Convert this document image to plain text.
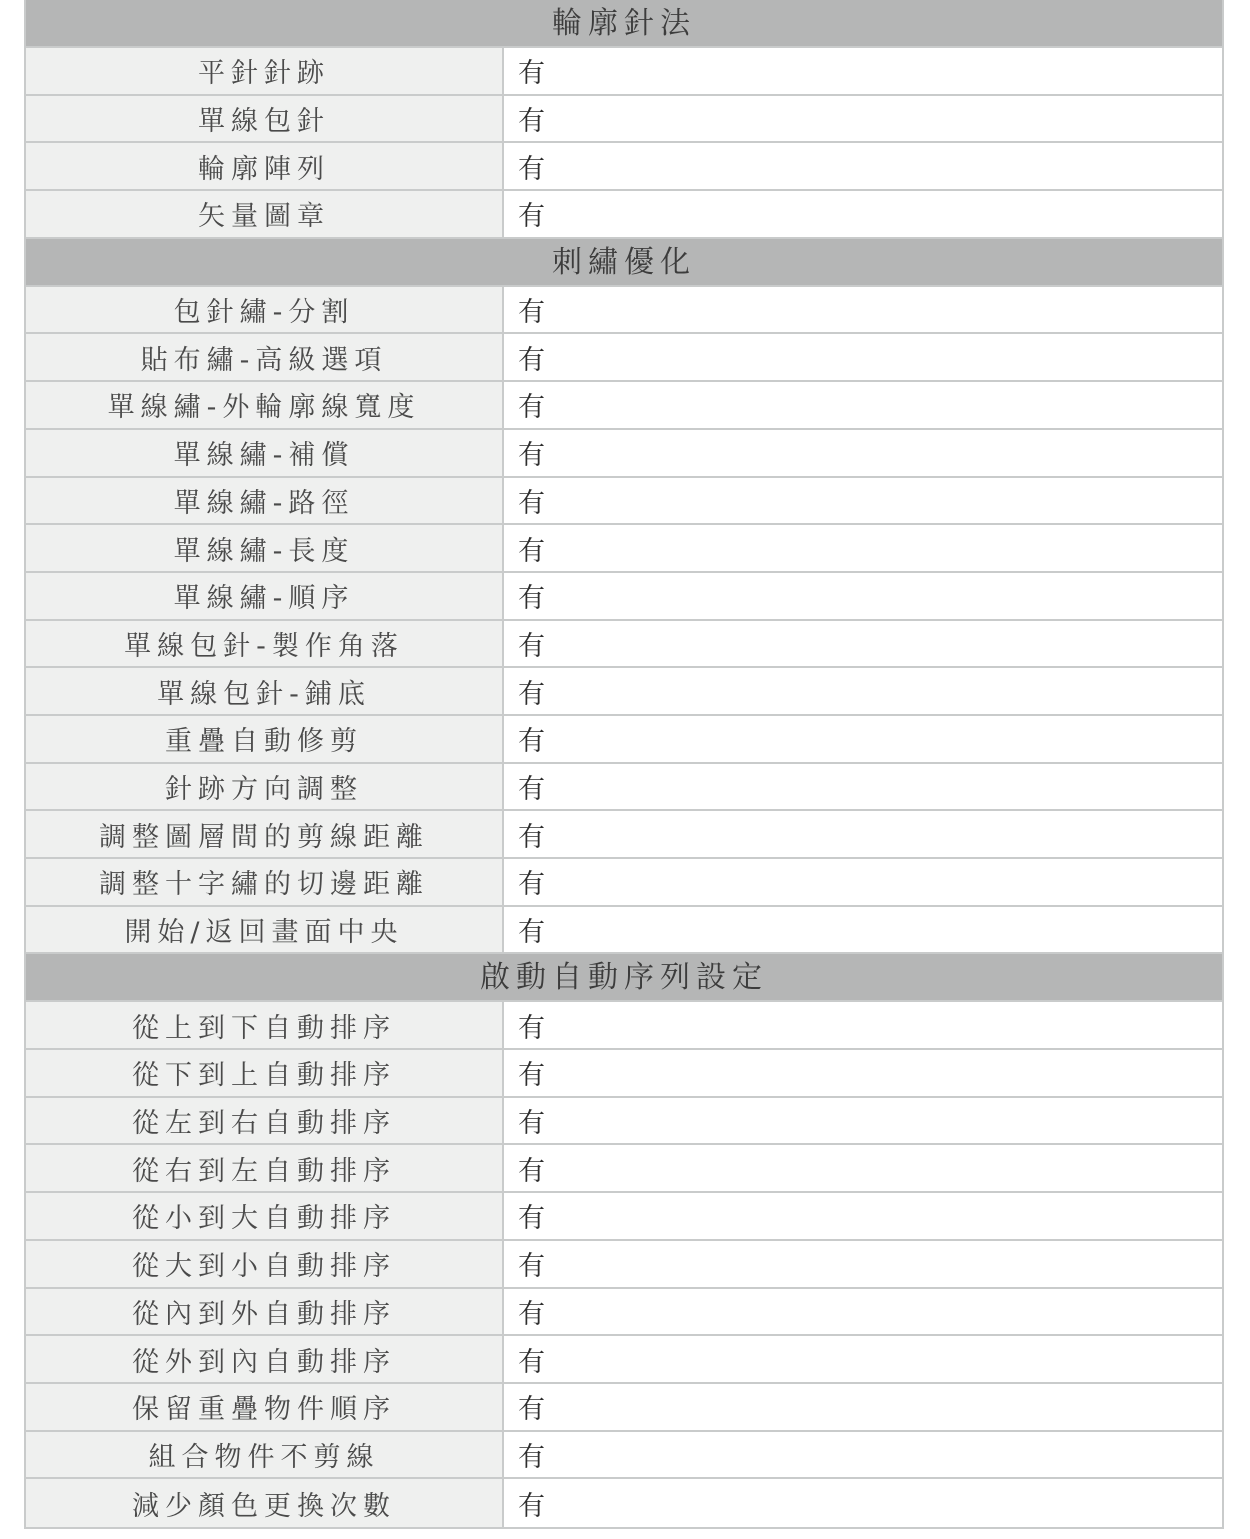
輪廓針法
平針針跡	有
單線包針	有
輪廓陣列	有
矢量圖章	有
刺繡優化
包針繡-分割	有
貼布繡-高級選項	有
單線繡-外輪廓線寬度	有
單線繡-補償	有
單線繡-路徑	有
單線繡-長度	有
單線繡-順序	有
單線包針-製作角落	有
單線包針-鋪底	有
重疊自動修剪	有
針跡方向調整	有
調整圖層間的剪線距離	有
調整十字繡的切邊距離	有
開始/返回畫面中央	有
啟動自動序列設定
從上到下自動排序	有
從下到上自動排序	有
從左到右自動排序	有
從右到左自動排序	有
從小到大自動排序	有
從大到小自動排序	有
從內到外自動排序	有
從外到內自動排序	有
保留重疊物件順序	有
組合物件不剪線	有
減少顏色更換次數	有
